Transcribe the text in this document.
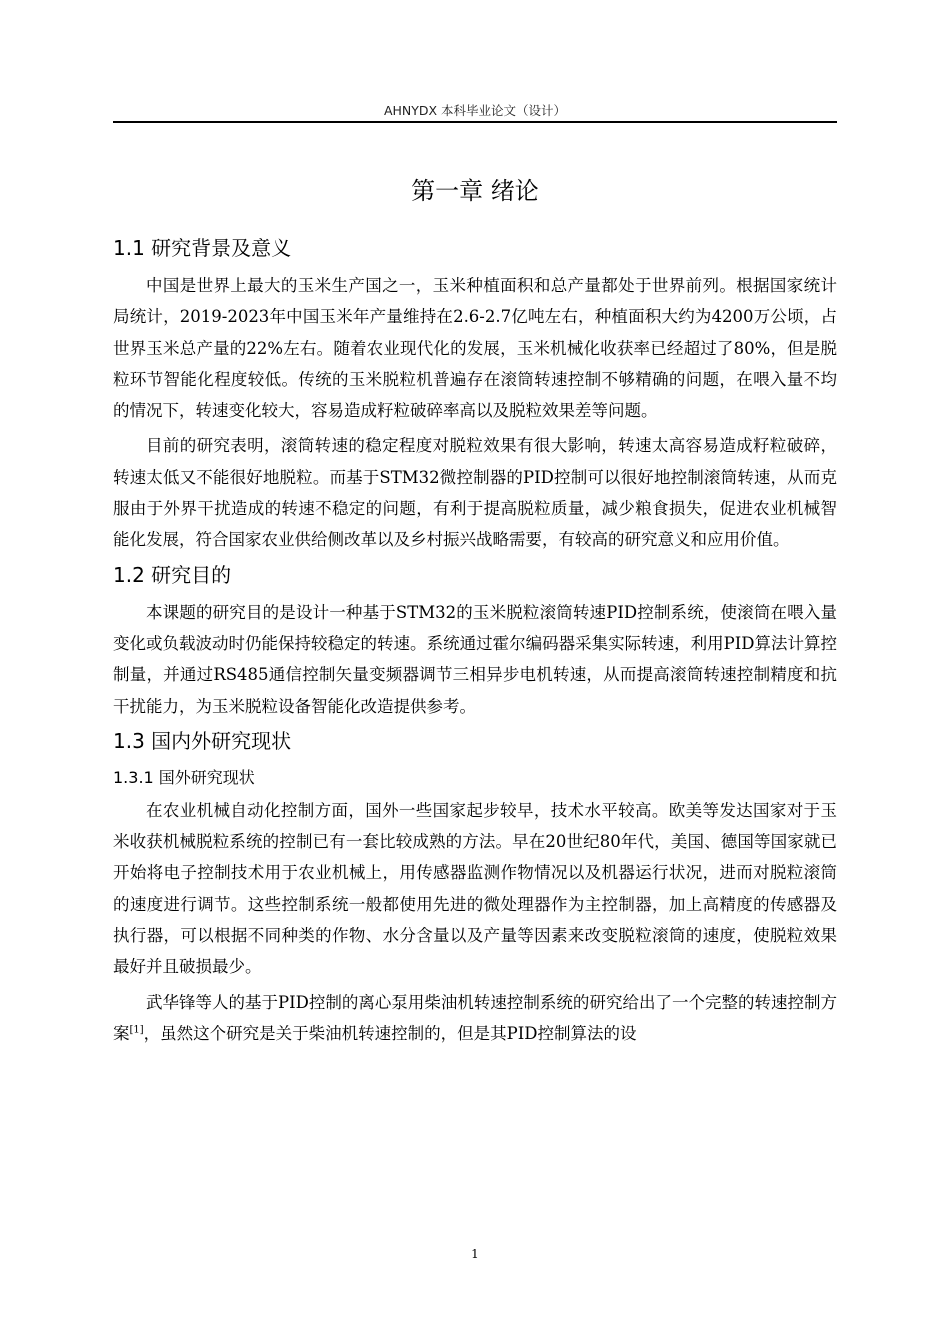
AHNYDX 本科毕业论文（设计）
第一章 绪论
1.1 研究背景及意义

中国是世界上最大的玉米生产国之一，玉米种植面积和总产量都处于世界前列。根据国家统计局统计，2019-2023年中国玉米年产量维持在2.6-2.7亿吨左右，种植面积大约为4200万公顷，占世界玉米总产量的22%左右。随着农业现代化的发展，玉米机械化收获率已经超过了80%，但是脱粒环节智能化程度较低。传统的玉米脱粒机普遍存在滚筒转速控制不够精确的问题，在喂入量不均的情况下，转速变化较大，容易造成籽粒破碎率高以及脱粒效果差等问题。

目前的研究表明，滚筒转速的稳定程度对脱粒效果有很大影响，转速太高容易造成籽粒破碎，转速太低又不能很好地脱粒。而基于STM32微控制器的PID控制可以很好地控制滚筒转速，从而克服由于外界干扰造成的转速不稳定的问题，有利于提高脱粒质量，减少粮食损失，促进农业机械智能化发展，符合国家农业供给侧改革以及乡村振兴战略需要，有较高的研究意义和应用价值。

1.2 研究目的

本课题的研究目的是设计一种基于STM32的玉米脱粒滚筒转速PID控制系统，使滚筒在喂入量变化或负载波动时仍能保持较稳定的转速。系统通过霍尔编码器采集实际转速，利用PID算法计算控制量，并通过RS485通信控制矢量变频器调节三相异步电机转速，从而提高滚筒转速控制精度和抗干扰能力，为玉米脱粒设备智能化改造提供参考。

1.3 国内外研究现状
1.3.1 国外研究现状

在农业机械自动化控制方面，国外一些国家起步较早，技术水平较高。欧美等发达国家对于玉米收获机械脱粒系统的控制已有一套比较成熟的方法。早在20世纪80年代，美国、德国等国家就已开始将电子控制技术用于农业机械上，用传感器监测作物情况以及机器运行状况，进而对脱粒滚筒的速度进行调节。这些控制系统一般都使用先进的微处理器作为主控制器，加上高精度的传感器及执行器，可以根据不同种类的作物、水分含量以及产量等因素来改变脱粒滚筒的速度，使脱粒效果最好并且破损最少。

武华锋等人的基于PID控制的离心泵用柴油机转速控制系统的研究给出了一个完整的转速控制方案[1]，虽然这个研究是关于柴油机转速控制的，但是其PID控制算法的设

1
